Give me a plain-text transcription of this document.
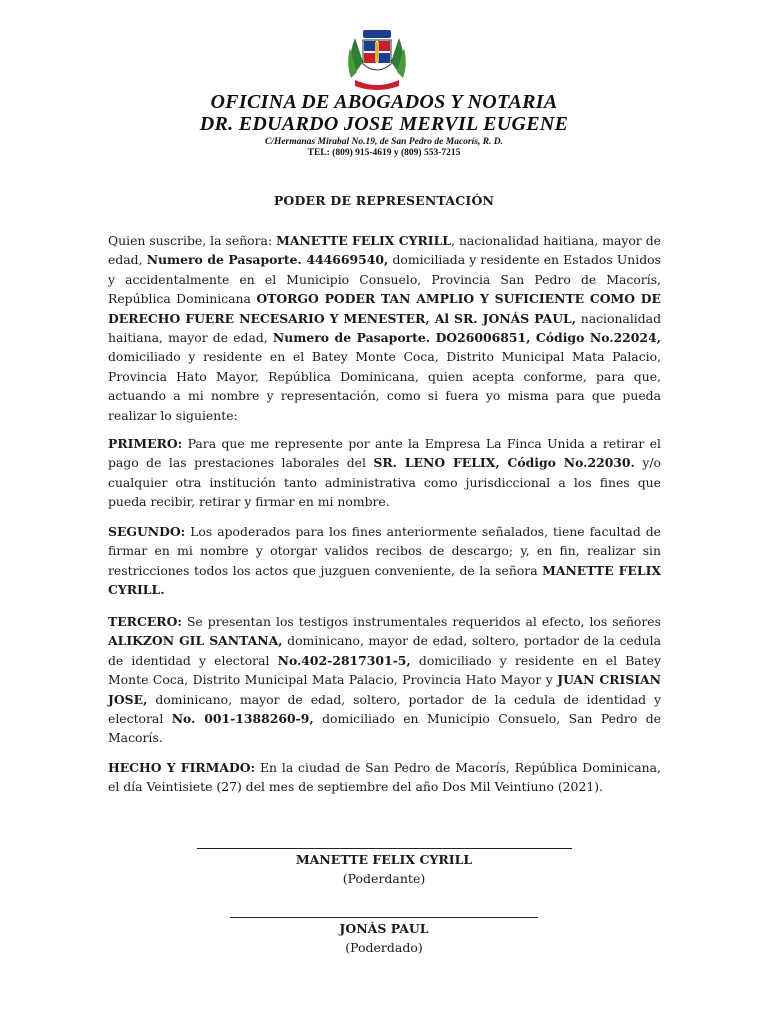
OFICINA DE ABOGADOS Y NOTARIA
DR. EDUARDO JOSE MERVIL EUGENE
C/Hermanas Mirabal No.19, de San Pedro de Macorís, R. D.
TEL: (809) 915-4619 y (809) 553-7215
PODER DE REPRESENTACIÓN

Quien suscribe, la señora: MANETTE FELIX CYRILL, nacionalidad haitiana, mayor de edad, Numero de Pasaporte. 444669540, domiciliada y residente en Estados Unidos y accidentalmente en el Municipio Consuelo, Provincia San Pedro de Macorís, República Dominicana OTORGO PODER TAN AMPLIO Y SUFICIENTE COMO DE DERECHO FUERE NECESARIO Y MENESTER, Al SR. JONÁS PAUL, nacionalidad haitiana, mayor de edad, Numero de Pasaporte. DO26006851, Código No.22024, domiciliado y residente en el Batey Monte Coca, Distrito Municipal Mata Palacio, Provincia Hato Mayor, República Dominicana, quien acepta conforme, para que, actuando a mi nombre y representación, como si fuera yo misma para que pueda realizar lo siguiente:

PRIMERO: Para que me represente por ante la Empresa La Finca Unida a retirar el pago de las prestaciones laborales del SR. LENO FELIX, Código No.22030. y/o cualquier otra institución tanto administrativa como jurisdiccional a los fines que pueda recibir, retirar y firmar en mi nombre.

SEGUNDO: Los apoderados para los fines anteriormente señalados, tiene facultad de firmar en mi nombre y otorgar validos recibos de descargo; y, en fin, realizar sin restricciones todos los actos que juzguen conveniente, de la señora MANETTE FELIX CYRILL.

TERCERO: Se presentan los testigos instrumentales requeridos al efecto, los señores ALIKZON GIL SANTANA, dominicano, mayor de edad, soltero, portador de la cedula de identidad y electoral No.402-2817301-5, domiciliado y residente en el Batey Monte Coca, Distrito Municipal Mata Palacio, Provincia Hato Mayor y JUAN CRISIAN JOSE, dominicano, mayor de edad, soltero, portador de la cedula de identidad y electoral No. 001-1388260-9, domiciliado en Municipio Consuelo, San Pedro de Macorís.

HECHO Y FIRMADO: En la ciudad de San Pedro de Macorís, República Dominicana, el día Veintisiete (27) del mes de septiembre del año Dos Mil Veintiuno (2021).

MANETTE FELIX CYRILL
(Poderdante)
JONÁS PAUL
(Poderdado)
